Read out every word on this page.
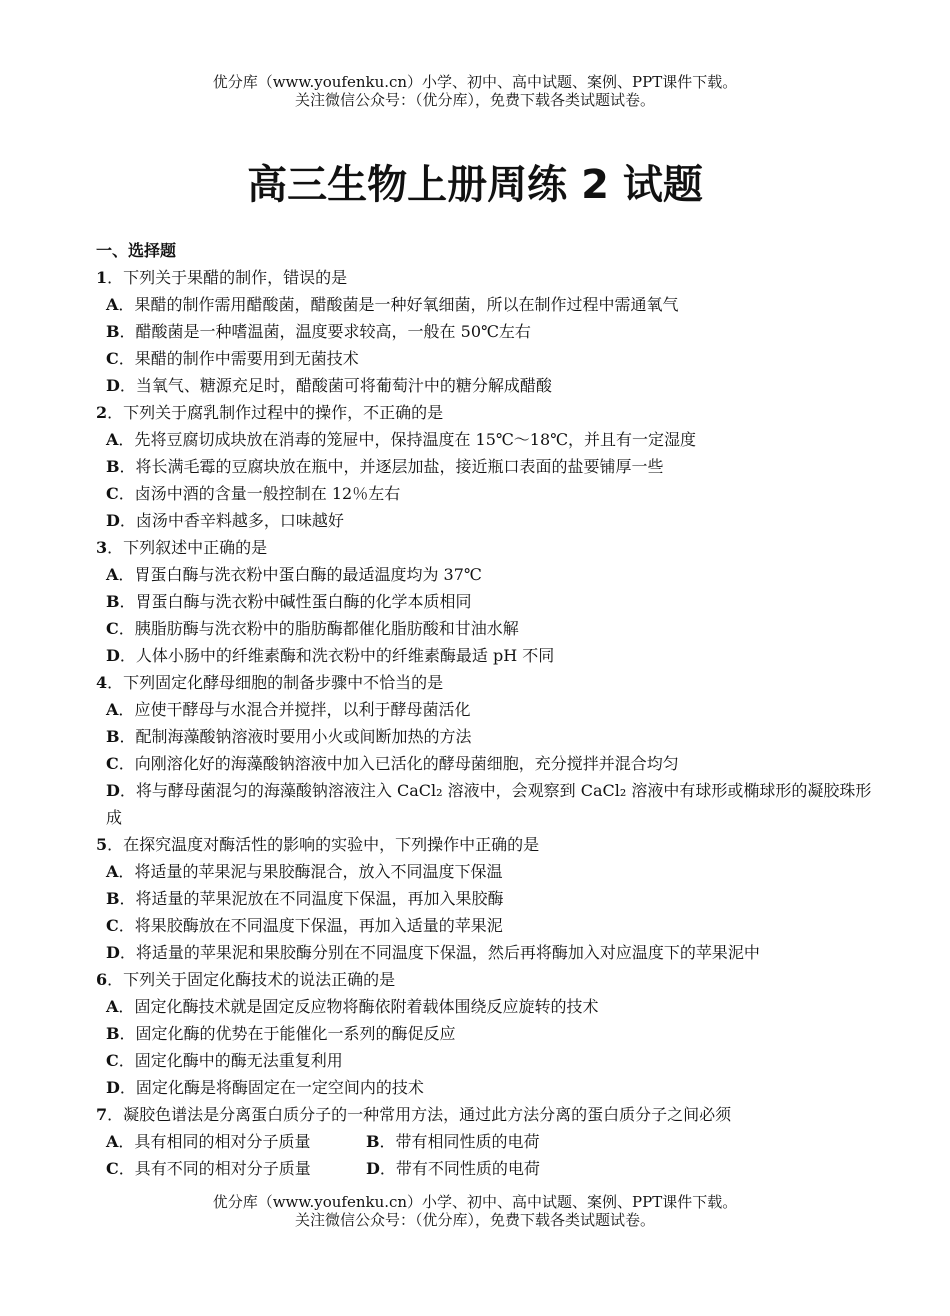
优分库（www.youfenku.cn）小学、初中、高中试题、案例、PPT课件下载。
关注微信公众号：（优分库），免费下载各类试题试卷。
高三生物上册周练 2 试题
一、选择题
1．下列关于果醋的制作，错误的是
A．果醋的制作需用醋酸菌，醋酸菌是一种好氧细菌，所以在制作过程中需通氧气
B．醋酸菌是一种嗜温菌，温度要求较高，一般在 50℃左右
C．果醋的制作中需要用到无菌技术
D．当氧气、糖源充足时，醋酸菌可将葡萄汁中的糖分解成醋酸
2．下列关于腐乳制作过程中的操作，不正确的是
A．先将豆腐切成块放在消毒的笼屉中，保持温度在 15℃～18℃，并且有一定湿度
B．将长满毛霉的豆腐块放在瓶中，并逐层加盐，接近瓶口表面的盐要铺厚一些
C．卤汤中酒的含量一般控制在 12％左右
D．卤汤中香辛料越多，口味越好
3．下列叙述中正确的是
A．胃蛋白酶与洗衣粉中蛋白酶的最适温度均为 37℃
B．胃蛋白酶与洗衣粉中碱性蛋白酶的化学本质相同
C．胰脂肪酶与洗衣粉中的脂肪酶都催化脂肪酸和甘油水解
D．人体小肠中的纤维素酶和洗衣粉中的纤维素酶最适 pH 不同
4．下列固定化酵母细胞的制备步骤中不恰当的是
A．应使干酵母与水混合并搅拌，以利于酵母菌活化
B．配制海藻酸钠溶液时要用小火或间断加热的方法
C．向刚溶化好的海藻酸钠溶液中加入已活化的酵母菌细胞，充分搅拌并混合均匀
D．将与酵母菌混匀的海藻酸钠溶液注入 CaCl₂ 溶液中，会观察到 CaCl₂ 溶液中有球形或椭球形的凝胶珠形成
5．在探究温度对酶活性的影响的实验中，下列操作中正确的是
A．将适量的苹果泥与果胶酶混合，放入不同温度下保温
B．将适量的苹果泥放在不同温度下保温，再加入果胶酶
C．将果胶酶放在不同温度下保温，再加入适量的苹果泥
D．将适量的苹果泥和果胶酶分别在不同温度下保温，然后再将酶加入对应温度下的苹果泥中
6．下列关于固定化酶技术的说法正确的是
A．固定化酶技术就是固定反应物将酶依附着载体围绕反应旋转的技术
B．固定化酶的优势在于能催化一系列的酶促反应
C．固定化酶中的酶无法重复利用
D．固定化酶是将酶固定在一定空间内的技术
7．凝胶色谱法是分离蛋白质分子的一种常用方法，通过此方法分离的蛋白质分子之间必须
A．具有相同的相对分子质量	B．带有相同性质的电荷
C．具有不同的相对分子质量	D．带有不同性质的电荷
优分库（www.youfenku.cn）小学、初中、高中试题、案例、PPT课件下载。
关注微信公众号：（优分库），免费下载各类试题试卷。
